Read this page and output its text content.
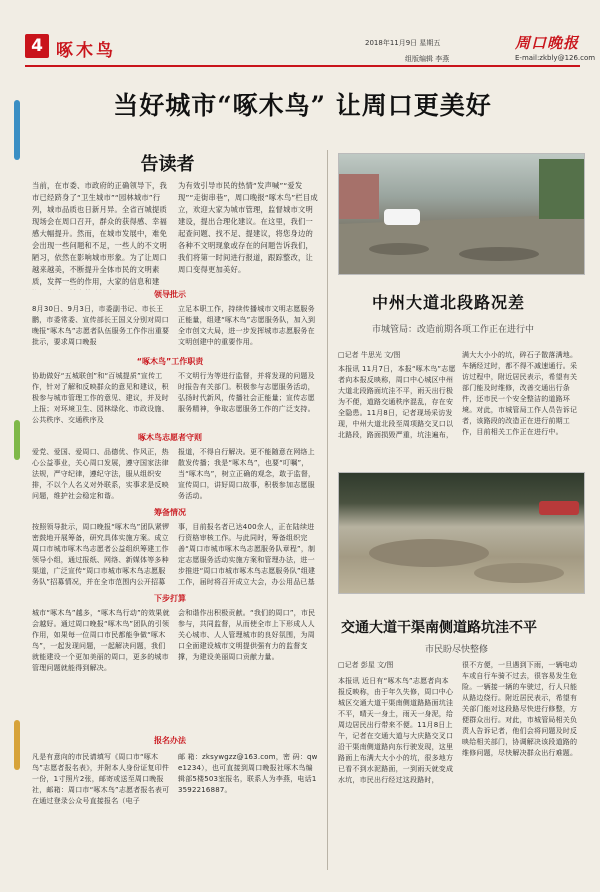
4 啄木鸟	2018年11月9日 星期五	周口晚报
组版编辑 李燕	E-mail:zkbly@126.com
当好城市“啄木鸟” 让周口更美好
告读者
当前，在市委、市政府的正确领导下，我市已经跻身了“卫生城市”“园林城市”行列，城市品质也日新月异。全省百城提质现场会在周口召开，群众的获得感、幸福感大幅提升。然而，在城市发展中，难免会出现一些问题和不足，一些人的不文明陋习，依然在影响城市形象。为了让周口越来越美，不断提升全体市民的文明素质，发挥一些的作用，大家的信息和建
为有效引导市民的热情“发声喊”“爱发现”“走街串巷”，周口晚报“啄木鸟”栏目成立，欢迎大家为城市管理，监督城市文明建设，提出合理化建议。在这里，我们一起查问题、找不足、提建议，将您身边的各种不文明现象或存在的问题告诉我们，我们将第一时间进行报道，跟踪整改，让周口变得更加美好。
领导批示
8月30日、9月3日，市委副书记、市长王鹏，市委常委、宣传部长王国义分别对周口晚报“啄木鸟”志愿者队伍服务工作作出重要批示，要求周口晚报
立足本职工作，持续传播城市文明志愿服务正能量，组建“啄木鸟”志愿服务队，加入到全市创文大局，进一步发挥城市志愿服务在文明创建中的重要作用。
“啄木鸟”工作职责
协助做好“五城联创”和“百城提质”宣传工作，针对了解和反映群众的意见和建议，积极参与城市管理工作的意见、建议，并及时上报；对环境卫生、园林绿化、市政设施、公共秩序、交通秩序及
不文明行为等进行监督，并将发现的问题及时报告有关部门。积极参与志愿服务活动，弘扬时代新风，传播社会正能量；宣传志愿服务精神，争取志愿服务工作的广泛支持。
啄木鸟志愿者守则
爱党、爱国、爱周口、品德优、作风正，热心公益事业，关心周口发展，遵守国家法律法规，严守纪律，遵纪守法，服从组织安排，不以个人名义对外联系，实事求是反映问题，维护社会稳定和谐。
报道，不得自行解决。更不能随意在网络上散发传播；我是“啄木鸟”，也要“叮嘱”，当“啄木鸟”，树立正确的观念，敢于监督，宣传周口，讲好周口故事，积极参加志愿服务活动。
筹备情况
按照领导批示，周口晚报“啄木鸟”团队紧锣密鼓地开展筹备，研究具体实施方案。成立周口市城市啄木鸟志愿者公益组织筹建工作领导小组，通过报纸、网络、新媒体等多种渠道，广泛宣传“周口市城市啄木鸟志愿服务队”招募情况，并在全市范围内公开招募
事，目前报名者已达400余人，正在陆续进行资格审核工作。与此同时，筹备组织完善“周口市城市啄木鸟志愿服务队章程”，制定志愿服务活动实施方案和管理办法，进一步推进“周口市城市啄木鸟志愿服务队”组建工作，届时将召开成立大会，办公用品已基
下步打算
城市“啄木鸟”越多，“啄木鸟行动”的效果就会越好。通过周口晚报“啄木鸟”团队的引领作用，如果每一位周口市民都能争做“啄木鸟”，一起发现问题，一起解决问题，我们就能建设一个更加美丽的周口，更多的城市管理问题就能得到解决。
会和谐作出积极贡献。“我们的周口”，市民参与，共同监督，从而使全市上下形成人人关心城市、人人管理城市的良好氛围，为周口全面建设城市文明提供强有力的监督支撑，为建设美丽周口贡献力量。
报名办法
凡是有意向的市民请填写《周口市“啄木鸟”志愿者报名表》，并附本人身份证复印件一份，1寸照片2张，邮寄或送至周口晚报社，邮箱：周口市“啄木鸟”志愿者报名表可在通过登录公众号直接报名（电子
邮 箱：zksywgzz@163.com，密 码：qwe1234），也可直接到周口晚报社啄木鸟编辑部5楼503室报名，联系人为李燕，电话13592216887。
中州大道北段路况差
市城管局：改造前期各项工作正在进行中
□记者 牛思光 文/图
本报讯 11月7日，本报“啄木鸟”志愿者向本报反映称，周口中心城区中州大道北段路面坑洼不平，雨天出行极为不便，道路交通秩序混乱，存在安全隐患。11月8日，记者现场采访发现，中州大道北段至周项路交叉口以北路段，路面损毁严重，坑洼遍布，
满大大小小的坑，碎石子散落满地。车辆经过时，都不得不减速通行。采访过程中，附近居民表示，希望有关部门能及时维修，改善交通出行条件，还市民一个安全整洁的道路环境。对此，市城管局工作人员告诉记者，该路段的改造正在进行前期工作，目前相关工作正在进行中。
交通大道干渠南侧道路坑洼不平
市民盼尽快整修
□记者 彭星 文/图
本报讯 近日有“啄木鸟”志愿者向本报反映称，由于年久失修，周口中心城区交通大道干渠南侧道路路面坑洼不平，晴天一身土，雨天一身泥，给周边居民出行带来不便。11月8日上午，记者在交通大道与大庆路交叉口沿干渠南侧道路向东行驶发现，这里路面上布满大大小小的坑，很多地方已看不到水泥路面，一到雨天就变成水坑，市民出行经过这段路时，
很不方便，一旦遇到下雨，一辆电动车或自行车骑不过去，很容易发生危险。一辆接一辆的车驶过，行人只能从路边绕行。附近居民表示，希望有关部门能对这段路尽快进行修整，方便群众出行。对此，市城管局相关负责人告诉记者，他们会将问题及时反映给相关部门，协调解决该段道路的维修问题，尽快解决群众出行难题。
